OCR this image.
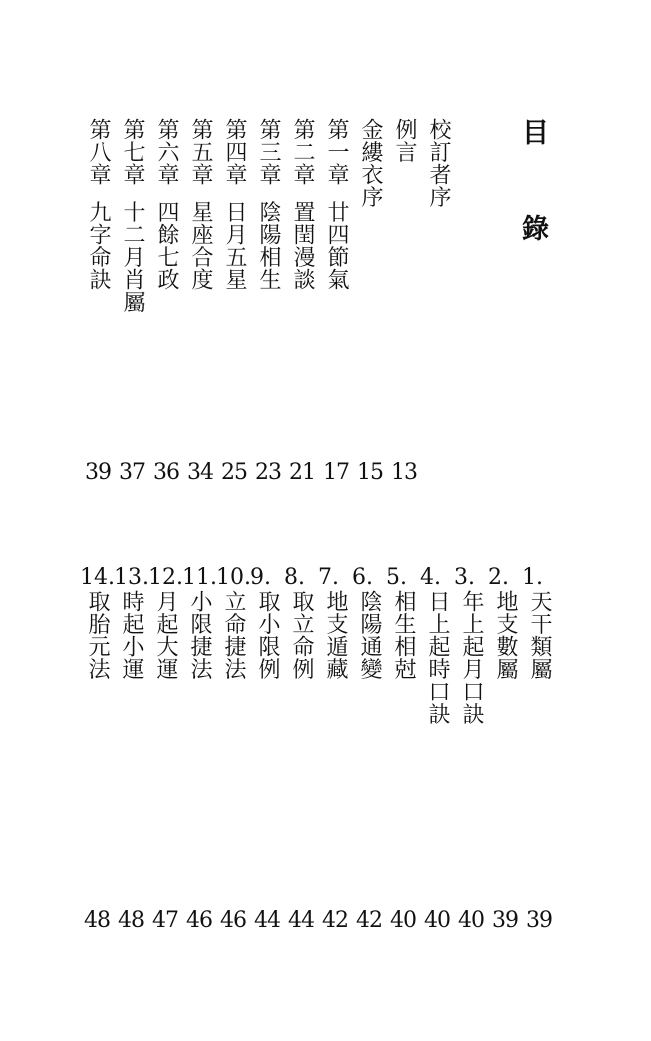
目 錄
校訂者序
例言
金縷衣序
第一章  廿四節氣
第二章  置閏漫談
第三章  陰陽相生
第四章  日月五星
第五章  星座合度
第六章  四餘七政
第七章  十二月肖屬
第八章  九字命訣
13
15
17
21
23
25
34
36
37
39
1.
天干類屬
2.
地支數屬
3.
年上起月口訣
4.
日上起時口訣
5.
相生相尅
6.
陰陽通變
7.
地支遁藏
8.
取立命例
9.
取小限例
10.
立命捷法
11.
小限捷法
12.
月起大運
13.
時起小運
14.
取胎元法
39
39
40
40
40
42
42
44
44
46
46
47
48
48
